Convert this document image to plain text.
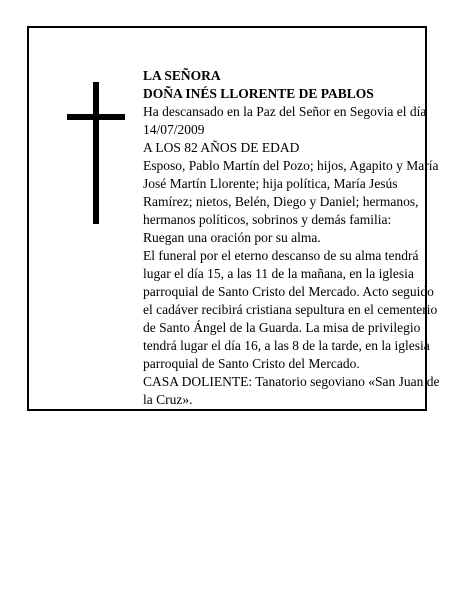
LA SEÑORA

DOÑA INÉS LLORENTE DE PABLOS

Ha descansado en la Paz del Señor en Segovia el día 14/07/2009

A LOS 82 AÑOS DE EDAD

Esposo, Pablo Martín del Pozo; hijos, Agapito y María José Martín Llorente; hija política, María Jesús Ramírez; nietos, Belén, Diego y Daniel; hermanos, hermanos políticos, sobrinos y demás familia:

Ruegan una oración por su alma.

El funeral por el eterno descanso de su alma tendrá lugar el día 15, a las 11 de la mañana, en la iglesia parroquial de Santo Cristo del Mercado. Acto seguido el cadáver recibirá cristiana sepultura en el cementerio de Santo Ángel de la Guarda. La misa de privilegio tendrá lugar el día 16, a las 8 de la tarde, en la iglesia parroquial de Santo Cristo del Mercado.

CASA DOLIENTE: Tanatorio segoviano «San Juan de la Cruz».
